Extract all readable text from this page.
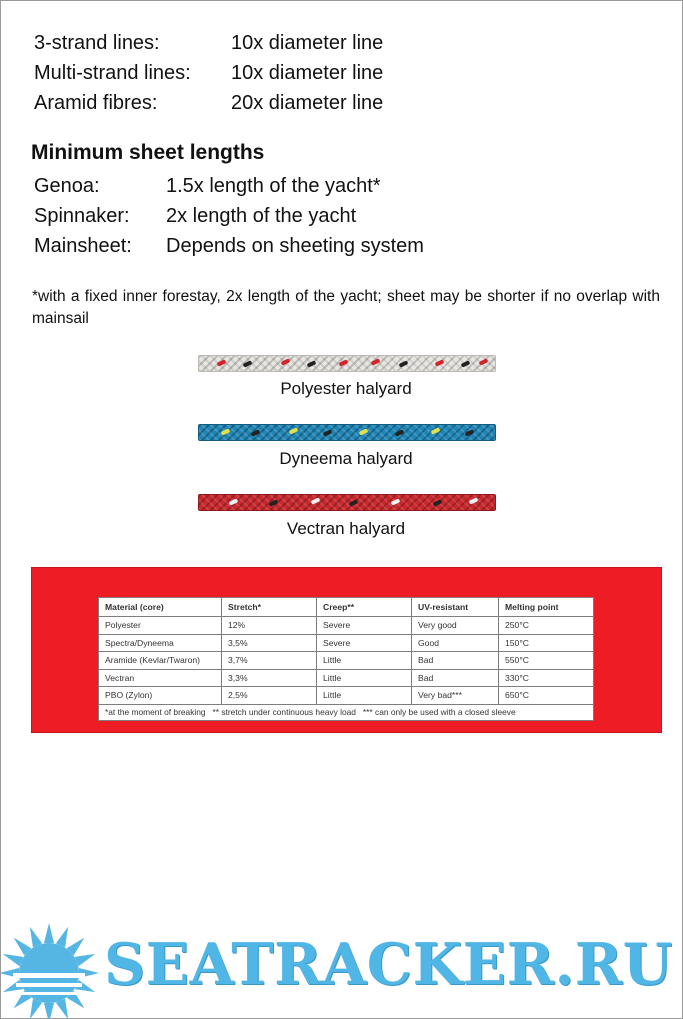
3-strand lines:	10x diameter line
Multi-strand lines:	10x diameter line
Aramid fibres:	20x diameter line
Minimum sheet lengths
Genoa:	1.5x length of the yacht*
Spinnaker:	2x length of the yacht
Mainsheet:	Depends on sheeting system

*with a fixed inner forestay, 2x length of the yacht; sheet may be shorter if no overlap with mainsail

Polyester halyard

Dyneema halyard

Vectran halyard

Material (core)	Stretch*	Creep**	UV-resistant	Melting point
Polyester	12%	Severe	Very good	250°C
Spectra/Dyneema	3,5%	Severe	Good	150°C
Aramide (Kevlar/Twaron)	3,7%	Little	Bad	550°C
Vectran	3,3%	Little	Bad	330°C
PBO (Zylon)	2,5%	Little	Very bad***	650°C
*at the moment of breaking   ** stretch under continuous heavy load   *** can only be used with a closed sleeve				
SEATRACKER.RU
